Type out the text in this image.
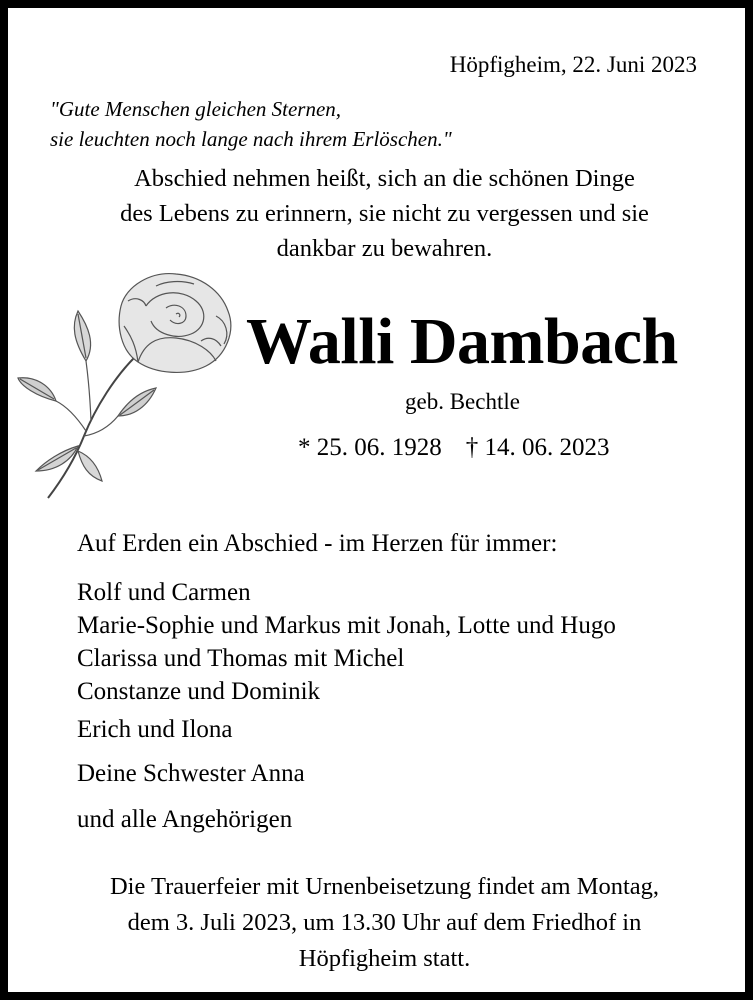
Höpfigheim, 22. Juni 2023
"Gute Menschen gleichen Sternen,
sie leuchten noch lange nach ihrem Erlöschen."
Abschied nehmen heißt, sich an die schönen Dinge
des Lebens zu erinnern, sie nicht zu vergessen und sie
dankbar zu bewahren.
Walli Dambach
geb. Bechtle
* 25. 06. 1928 † 14. 06. 2023
Auf Erden ein Abschied - im Herzen für immer:
Rolf und Carmen
Marie-Sophie und Markus mit Jonah, Lotte und Hugo
Clarissa und Thomas mit Michel
Constanze und Dominik
Erich und Ilona
Deine Schwester Anna
und alle Angehörigen
Die Trauerfeier mit Urnenbeisetzung findet am Montag,
dem 3. Juli 2023, um 13.30 Uhr auf dem Friedhof in
Höpfigheim statt.
